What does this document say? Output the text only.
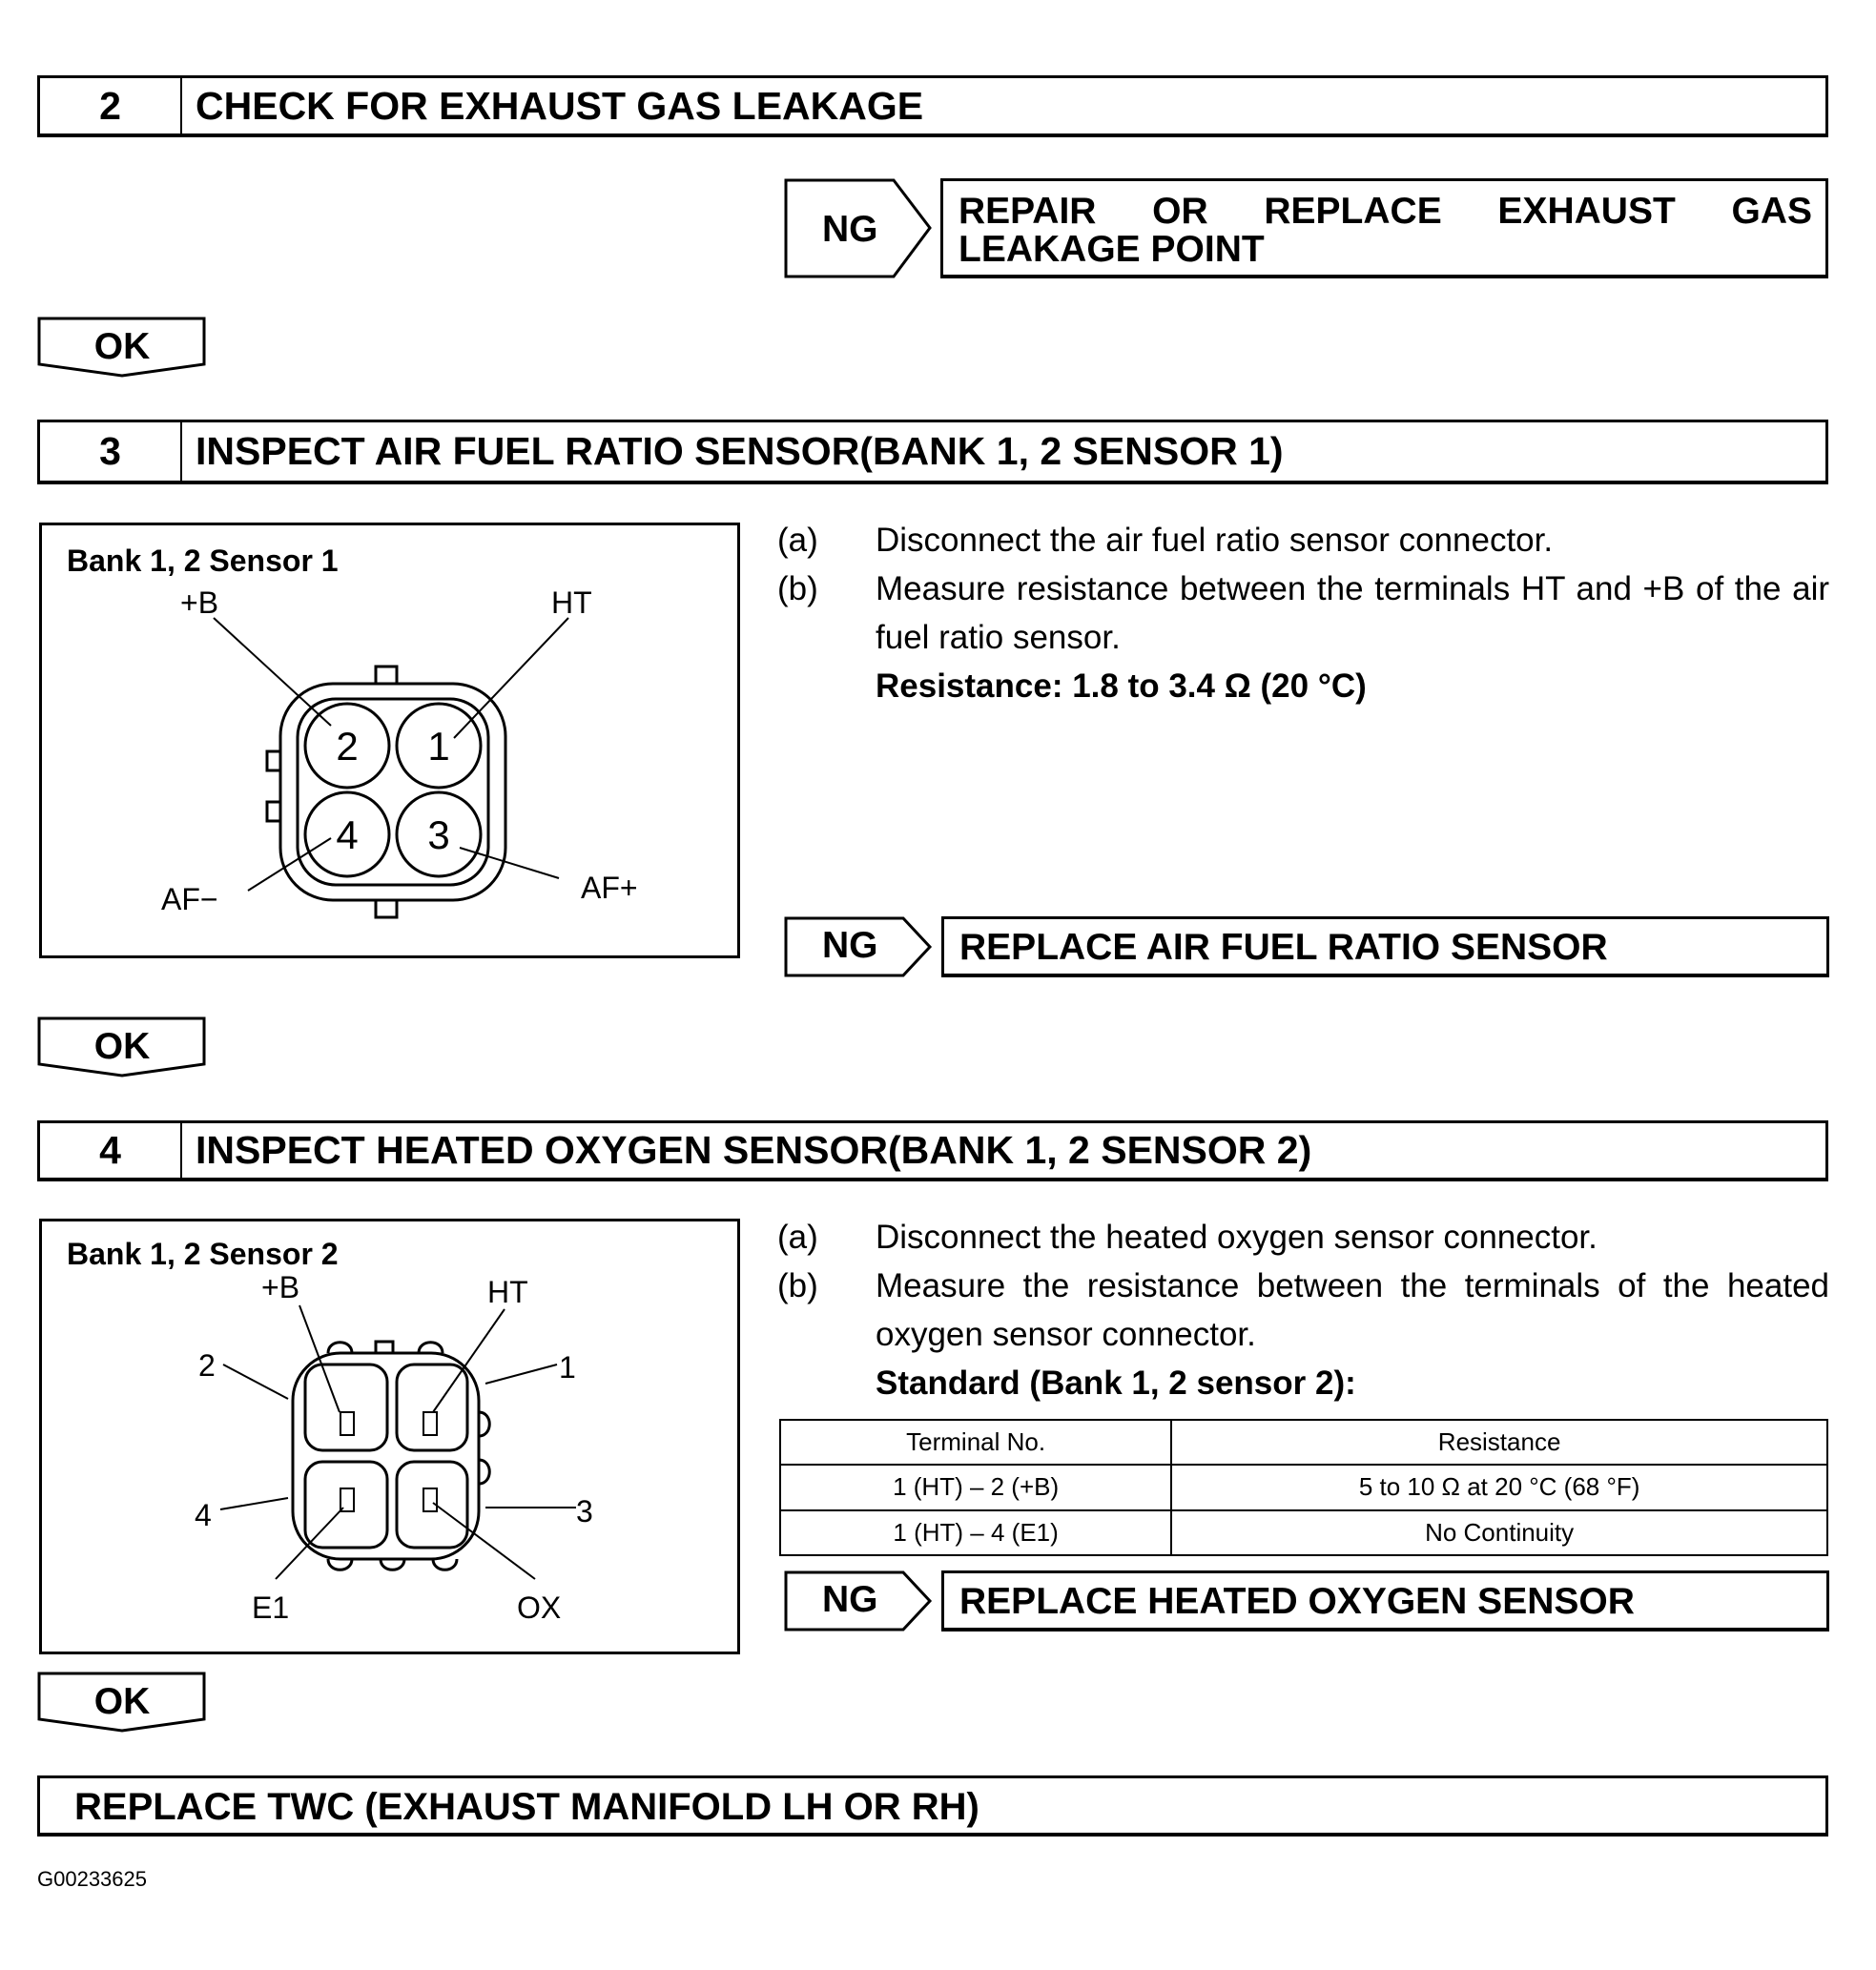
2	CHECK FOR EXHAUST GAS LEAKAGE
NG	REPAIR OR REPLACE EXHAUST GAS LEAKAGE POINT
OK
3	INSPECT AIR FUEL RATIO SENSOR(BANK 1, 2 SENSOR 1)
2 1
4 3
Bank 1, 2 Sensor 1
+B	HT
AF−	AF+
(a) Disconnect the air fuel ratio sensor connector.
(b) Measure resistance between the terminals HT and +B of the air fuel ratio sensor.
Resistance: 1.8 to 3.4 Ω (20 °C)
NG	REPLACE AIR FUEL RATIO SENSOR
OK
4	INSPECT HEATED OXYGEN SENSOR(BANK 1, 2 SENSOR 2)
Bank 1, 2 Sensor 2
+B	HT
2	1
4	3
E1	OX
(a) Disconnect the heated oxygen sensor connector.
(b) Measure the resistance between the terminals of the heated oxygen sensor connector.
Standard (Bank 1, 2 sensor 2):
Terminal No.	Resistance
1 (HT) – 2 (+B)	5 to 10 Ω at 20 °C (68 °F)
1 (HT) – 4 (E1)	No Continuity
NG	REPLACE HEATED OXYGEN SENSOR
OK
REPLACE TWC (EXHAUST MANIFOLD LH OR RH)
G00233625
